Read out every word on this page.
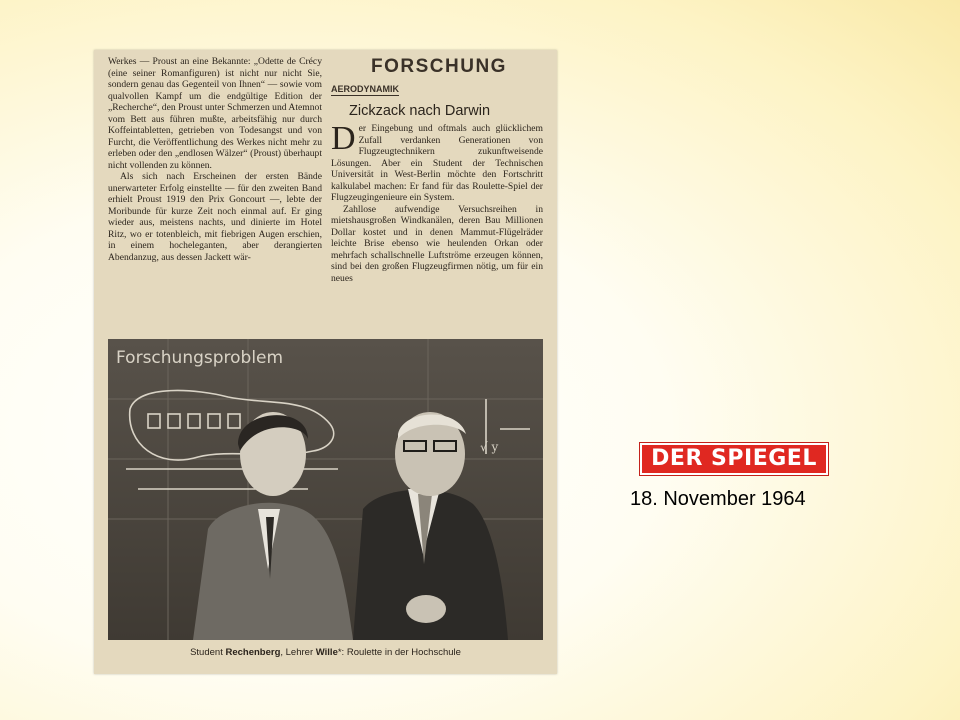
Werkes — Proust an eine Bekannte: „Odette de Crécy (eine seiner Romanfiguren) ist nicht nur nicht Sie, sondern genau das Gegenteil von Ihnen“ — sowie vom qualvollen Kampf um die endgültige Edition der „Recherche“, den Proust unter Schmerzen und Atemnot vom Bett aus führen mußte, arbeitsfähig nur durch Koffeintabletten, getrieben von Todesangst und von Furcht, die Veröffentlichung des Werkes nicht mehr zu erleben oder den „endlosen Wälzer“ (Proust) überhaupt nicht vollenden zu können.

Als sich nach Erscheinen der ersten Bände unerwarteter Erfolg einstellte — für den zweiten Band erhielt Proust 1919 den Prix Goncourt —, lebte der Moribunde für kurze Zeit noch einmal auf. Er ging wieder aus, meistens nachts, und dinierte im Hotel Ritz, wo er totenbleich, mit fiebrigen Augen erschien, in einem hocheleganten, aber derangierten Abendanzug, aus dessen Jackett wär-

FORSCHUNG
AERODYNAMIK
Zickzack nach Darwin

Der Eingebung und oftmals auch glücklichem Zufall verdanken Generationen von Flugzeugtechnikern zukunftweisende Lösungen. Aber ein Student der Technischen Universität in West-Berlin möchte den Fortschritt kalkulabel machen: Er fand für das Roulette-Spiel der Flugzeugingenieure ein System.

Zahllose aufwendige Versuchsreihen in mietshausgroßen Windkanälen, deren Bau Millionen Dollar kostet und in denen Mammut-Flügelräder leichte Brise ebenso wie heulenden Orkan oder mehrfach schallschnelle Luftströme erzeugen können, sind bei den großen Flugzeugfirmen nötig, um für ein neues

Forschungsproblem
√ y
Student Rechenberg, Lehrer Wille*: Roulette in der Hochschule
DER SPIEGEL
18. November 1964
